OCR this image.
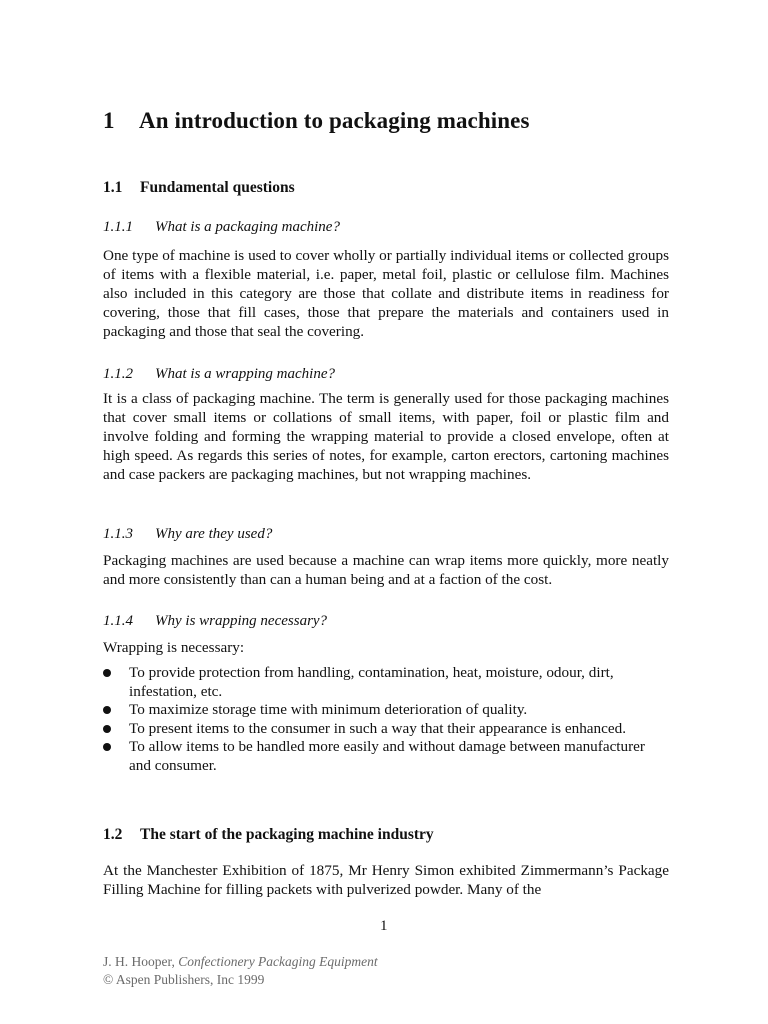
1 An introduction to packaging machines
1.1 Fundamental questions
1.1.1 What is a packaging machine?

One type of machine is used to cover wholly or partially individual items or collected groups of items with a flexible material, i.e. paper, metal foil, plastic or cellulose film. Machines also included in this category are those that collate and distribute items in readiness for covering, those that fill cases, those that prepare the materials and containers used in packaging and those that seal the covering.

1.1.2 What is a wrapping machine?

It is a class of packaging machine. The term is generally used for those packaging machines that cover small items or collations of small items, with paper, foil or plastic film and involve folding and forming the wrapping material to provide a closed envelope, often at high speed. As regards this series of notes, for example, carton erectors, cartoning machines and case packers are packaging machines, but not wrapping machines.

1.1.3 Why are they used?

Packaging machines are used because a machine can wrap items more quickly, more neatly and more consistently than can a human being and at a faction of the cost.

1.1.4 Why is wrapping necessary?

Wrapping is necessary:

To provide protection from handling, contamination, heat, moisture, odour, dirt, infestation, etc.
To maximize storage time with minimum deterioration of quality.
To present items to the consumer in such a way that their appearance is enhanced.
To allow items to be handled more easily and without damage between manufacturer and consumer.
1.2 The start of the packaging machine industry

At the Manchester Exhibition of 1875, Mr Henry Simon exhibited Zimmermann’s Package Filling Machine for filling packets with pulverized powder. Many of the

1
J. H. Hooper, Confectionery Packaging Equipment
© Aspen Publishers, Inc 1999
